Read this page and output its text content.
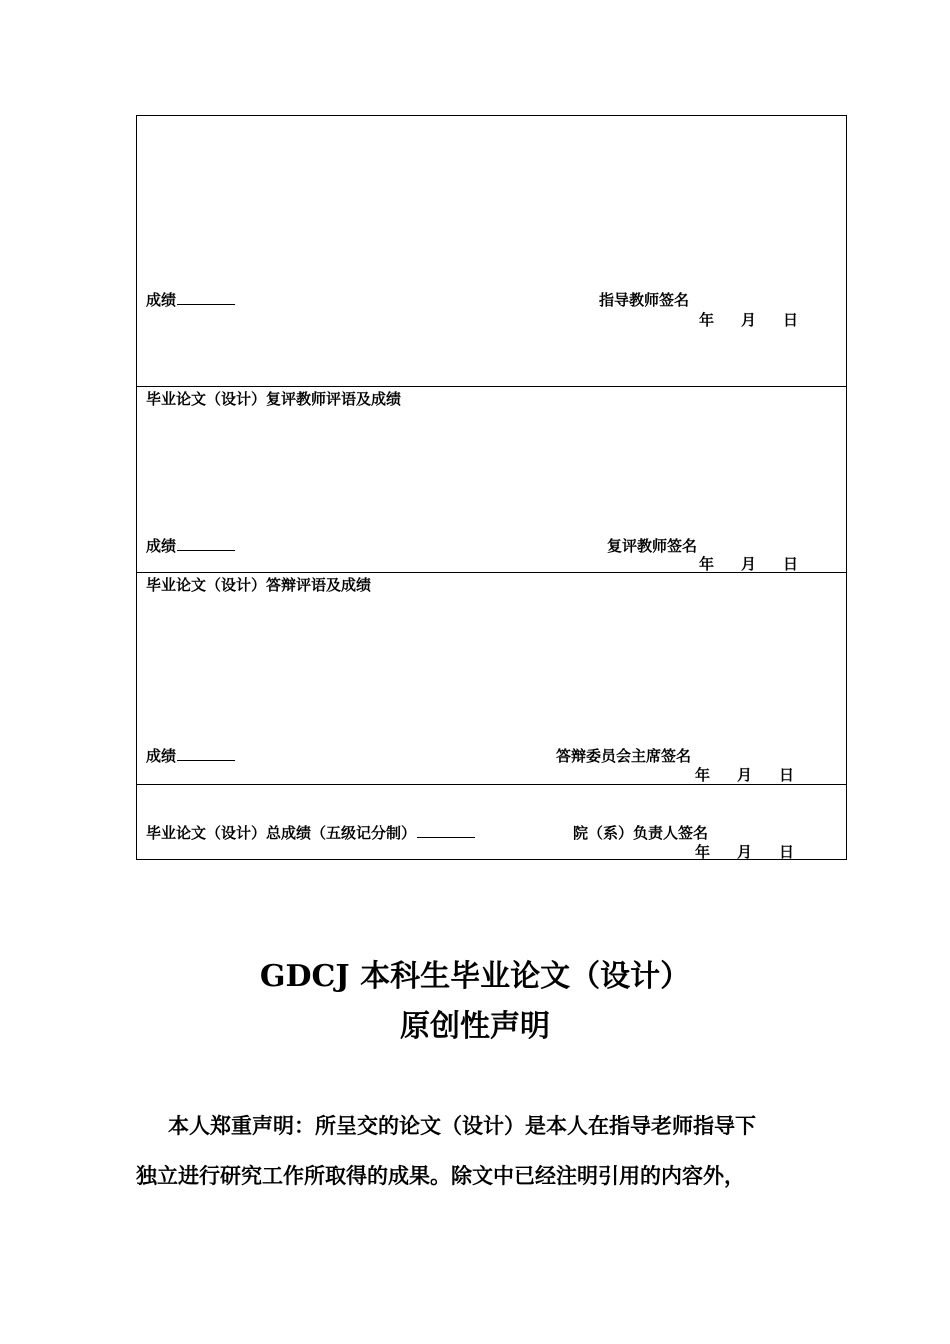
成绩	指导教师签名
年 月 日
毕业论文（设计）复评教师评语及成绩
成绩	复评教师签名
年 月 日
毕业论文（设计）答辩评语及成绩
成绩	答辩委员会主席签名
年 月 日
毕业论文（设计）总成绩（五级记分制）	院（系）负责人签名
年 月 日
GDCJ 本科生毕业论文（设计）
原创性声明
本人郑重声明：所呈交的论文（设计）是本人在指导老师指导下
独立进行研究工作所取得的成果。除文中已经注明引用的内容外，
